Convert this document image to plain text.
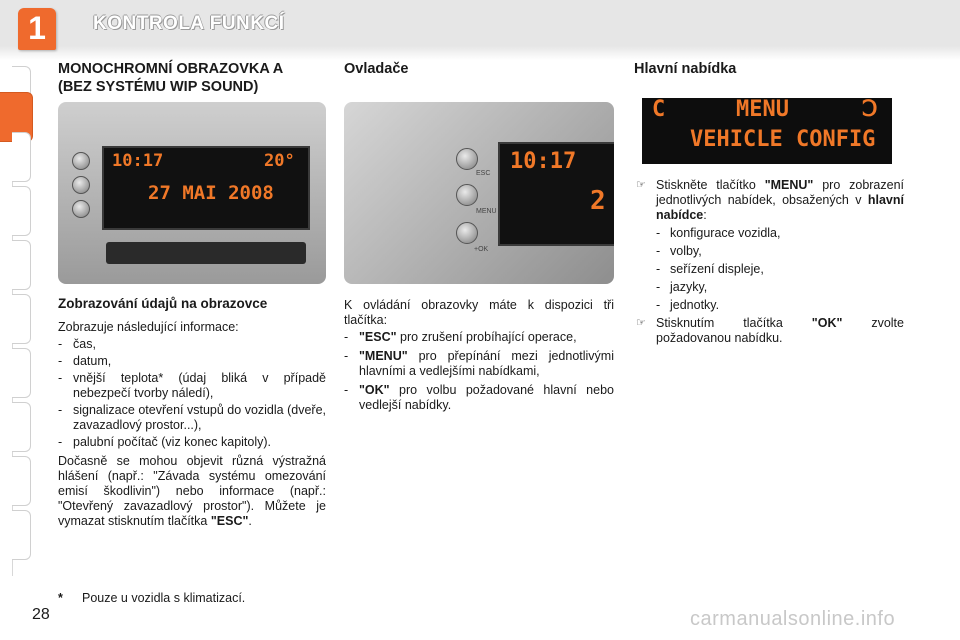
1	KONTROLA FUNKCÍ
MONOCHROMNÍ OBRAZOVKA A (BEZ SYSTÉMU WIP SOUND)
10:17	20°
27 MAI 2008
Zobrazování údajů na obrazovce

Zobrazuje následující informace:

- čas,
- datum,
- vnější teplota* (údaj bliká v případě nebezpečí tvorby náledí),
- signalizace otevření vstupů do vozidla (dveře, zavazadlový prostor...),
- palubní počítač (viz konec kapitoly).

Dočasně se mohou objevit různá výstražná hlášení (např.: "Závada systému omezování emisí škodlivin") nebo informace (např.: "Otevřený zavazadlový prostor"). Můžete je vymazat stisknutím tlačítka "ESC".

Ovladače
ESC
MENU
+OK
10:17
2

K ovládání obrazovky máte k dispozici tři tlačítka:

- "ESC" pro zrušení probíhající operace,
- "MENU" pro přepínání mezi jednotlivými hlavními a vedlejšími nabídkami,
- "OK" pro volbu požadované hlavní nebo vedlejší nabídky.
Hlavní nabídka
C	MENU	Ↄ
VEHICLE CONFIG
☞ Stiskněte tlačítko "MENU" pro zobrazení jednotlivých nabídek, obsažených v hlavní nabídce:
- konfigurace vozidla,
- volby,
- seřízení displeje,
- jazyky,
- jednotky.
☞ Stisknutím tlačítka "OK" zvolte požadovanou nabídku.
* Pouze u vozidla s klimatizací.
28	carmanualsonline.info
